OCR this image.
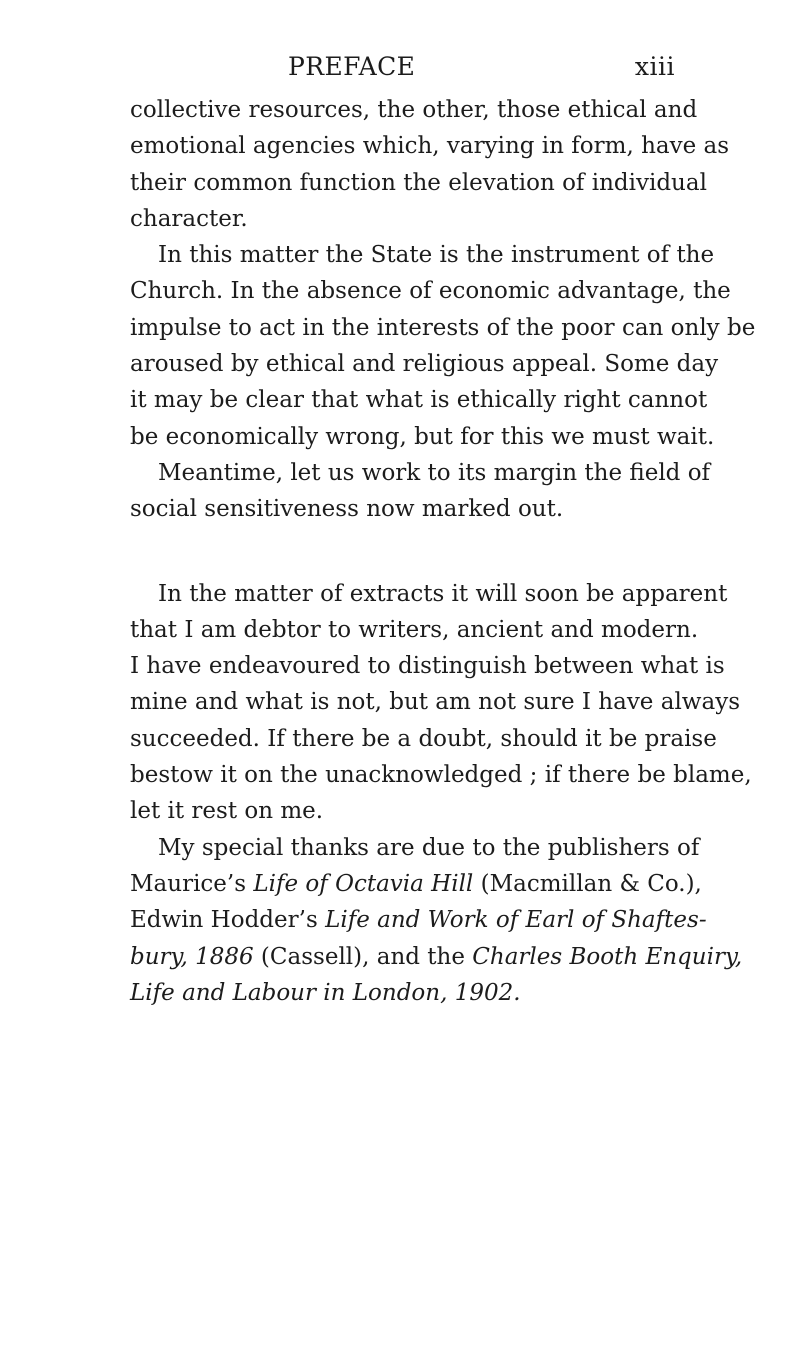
PREFACE	xiii
collective resources, the other, those ethical and
emotional agencies which, varying in form, have as
their common function the elevation of individual
character.
In this matter the State is the instrument of the
Church. In the absence of economic advantage, the
impulse to act in the interests of the poor can only be
aroused by ethical and religious appeal. Some day
it may be clear that what is ethically right cannot
be economically wrong, but for this we must wait.
Meantime, let us work to its margin the field of
social sensitiveness now marked out.
In the matter of extracts it will soon be apparent
that I am debtor to writers, ancient and modern.
I have endeavoured to distinguish between what is
mine and what is not, but am not sure I have always
succeeded. If there be a doubt, should it be praise
bestow it on the unacknowledged ; if there be blame,
let it rest on me.
My special thanks are due to the publishers of
Maurice’s Life of Octavia Hill (Macmillan & Co.),
Edwin Hodder’s Life and Work of Earl of Shaftes-
bury, 1886 (Cassell), and the Charles Booth Enquiry,
Life and Labour in London, 1902.
